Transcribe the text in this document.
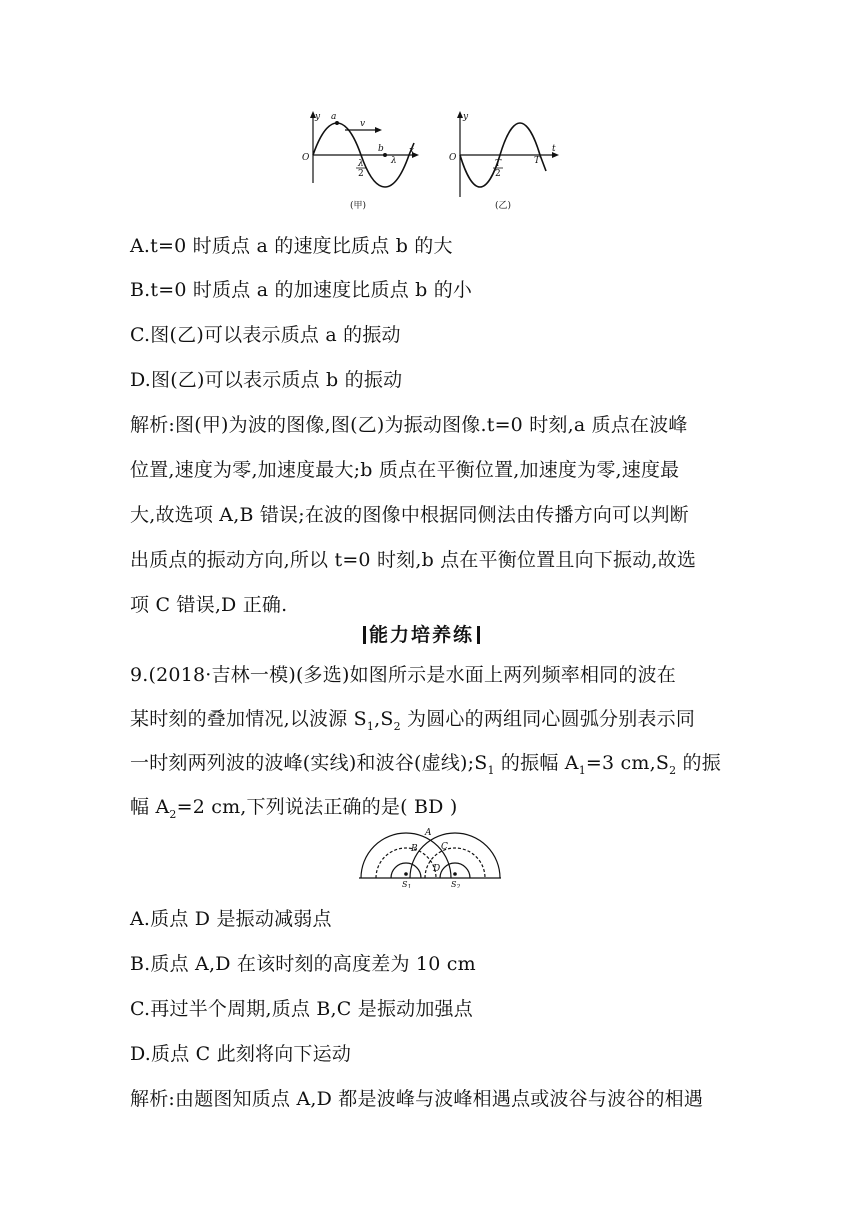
y a
v
b
O
x
λ
2
λ
(甲)
y
O
t
T
2
T
(乙)
A.t=0 时质点 a 的速度比质点 b 的大
B.t=0 时质点 a 的加速度比质点 b 的小
C.图(乙)可以表示质点 a 的振动
D.图(乙)可以表示质点 b 的振动
解析:图(甲)为波的图像,图(乙)为振动图像.t=0 时刻,a 质点在波峰
位置,速度为零,加速度最大;b 质点在平衡位置,加速度为零,速度最
大,故选项 A,B 错误;在波的图像中根据同侧法由传播方向可以判断
出质点的振动方向,所以 t=0 时刻,b 点在平衡位置且向下振动,故选
项 C 错误,D 正确.
能力培养练
9.(2018·吉林一模)(多选)如图所示是水面上两列频率相同的波在
某时刻的叠加情况,以波源 $S_1,S_2$ 为圆心的两组同心圆弧分别表示同
一时刻两列波的波峰(实线)和波谷(虚线)$;S_1$ 的振幅 $A_1=3$ $cm,S_2$ 的振
幅 $A_2=2$ cm,下列说法正确的是( BD )
A
B	C
D
$S_1$	$S_2$
A.质点 D 是振动减弱点
B.质点 A,D 在该时刻的高度差为 10 cm
C.再过半个周期,质点 B,C 是振动加强点
D.质点 C 此刻将向下运动
解析:由题图知质点 A,D 都是波峰与波峰相遇点或波谷与波谷的相遇
